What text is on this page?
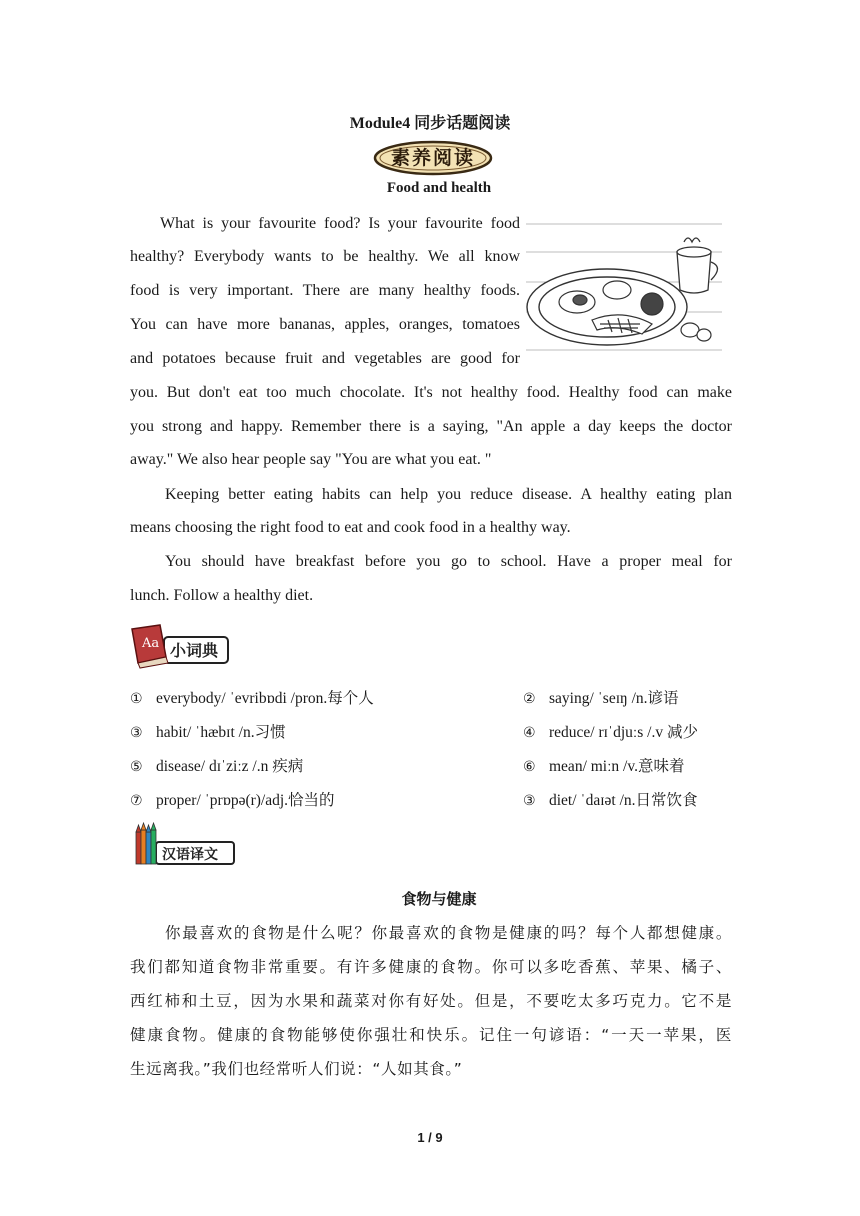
Module4 同步话题阅读
素养阅读
Food and health
What is your favourite food? Is your favourite food
healthy? Everybody wants to be healthy. We all know
food is very important. There are many healthy foods.
You can have more bananas, apples, oranges, tomatoes
and potatoes because fruit and vegetables are good for
you. But don't eat too much chocolate. It's not healthy food. Healthy food can make
you strong and happy. Remember there is a saying, "An apple a day keeps the doctor
away." We also hear people say "You are what you eat. "
Keeping better eating habits can help you reduce disease. A healthy eating plan
means choosing the right food to eat and cook food in a healthy way.
You should have breakfast before you go to school. Have a proper meal for
lunch. Follow a healthy diet.
Aa 小词典
① everybody/ ˈevribɒdi /pron.每个人	② saying/ ˈseɪŋ /n.谚语
③ habit/ ˈhæbɪt /n.习惯	④ reduce/ rɪˈdjuːs /.v 减少
⑤ disease/ dɪˈziːz /.n 疾病	⑥ mean/ miːn /v.意味着
⑦ proper/ ˈprɒpə(r)/adj.恰当的	③ diet/ ˈdaɪət /n.日常饮食
汉语译文
食物与健康
你最喜欢的食物是什么呢？你最喜欢的食物是健康的吗？每个人都想健康。
我们都知道食物非常重要。有许多健康的食物。你可以多吃香蕉、苹果、橘子、
西红柿和土豆，因为水果和蔬菜对你有好处。但是，不要吃太多巧克力。它不是
健康食物。健康的食物能够使你强壮和快乐。记住一句谚语：“一天一苹果，医
生远离我。”我们也经常听人们说：“人如其食。”
1 / 9
